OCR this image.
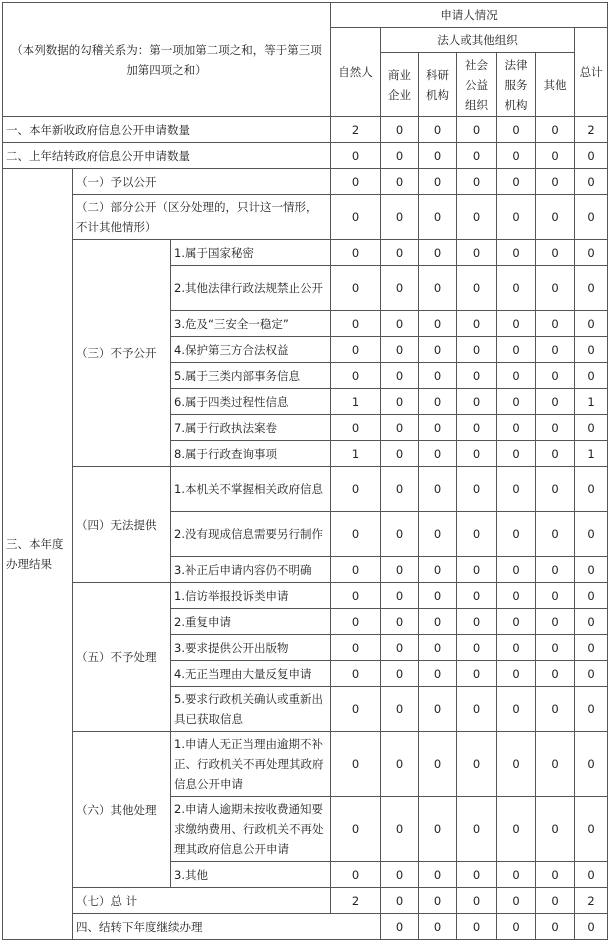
（本列数据的勾稽关系为：第一项加第二项之和，等于第三项加第四项之和）			申请人情况							
			自然人	法人或其他组织					总计	
				商业企业	科研机构	社会公益组织	法律服务机构	其他		
一、本年新收政府信息公开申请数量			2	0	0	0	0	0	2	
二、上年结转政府信息公开申请数量			0	0	0	0	0	0	0	
三、本年度办理结果	（一）予以公开		0	0	0	0	0	0	0	
	（二）部分公开（区分处理的，只计这一情形，不计其他情形）		0	0	0	0	0	0	0	
	（三）不予公开	1.属于国家秘密	0	0	0	0	0	0	0	
		2.其他法律行政法规禁止公开	0	0	0	0	0	0	0	
		3.危及“三安全一稳定”	0	0	0	0	0	0	0	
		4.保护第三方合法权益	0	0	0	0	0	0	0	
		5.属于三类内部事务信息	0	0	0	0	0	0	0	
		6.属于四类过程性信息	1	0	0	0	0	0	1	
		7.属于行政执法案卷	0	0	0	0	0	0	0	
		8.属于行政查询事项	1	0	0	0	0	0	1	
	（四）无法提供	1.本机关不掌握相关政府信息	0	0	0	0	0	0	0	
		2.没有现成信息需要另行制作	0	0	0	0	0	0	0	
		3.补正后申请内容仍不明确	0	0	0	0	0	0	0	
	（五）不予处理	1.信访举报投诉类申请	0	0	0	0	0	0	0	
		2.重复申请	0	0	0	0	0	0	0	
		3.要求提供公开出版物	0	0	0	0	0	0	0	
		4.无正当理由大量反复申请	0	0	0	0	0	0	0	
		5.要求行政机关确认或重新出具已获取信息	0	0	0	0	0	0	0	
	（六）其他处理	1.申请人无正当理由逾期不补正、行政机关不再处理其政府信息公开申请	0	0	0	0	0	0	0	
		2.申请人逾期未按收费通知要求缴纳费用、行政机关不再处理其政府信息公开申请	0	0	0	0	0	0	0	
		3.其他	0	0	0	0	0	0	0	
	（七）总 计		2	0	0	0	0	0	2	
	四、结转下年度继续办理			0	0	0	0	0	0	
